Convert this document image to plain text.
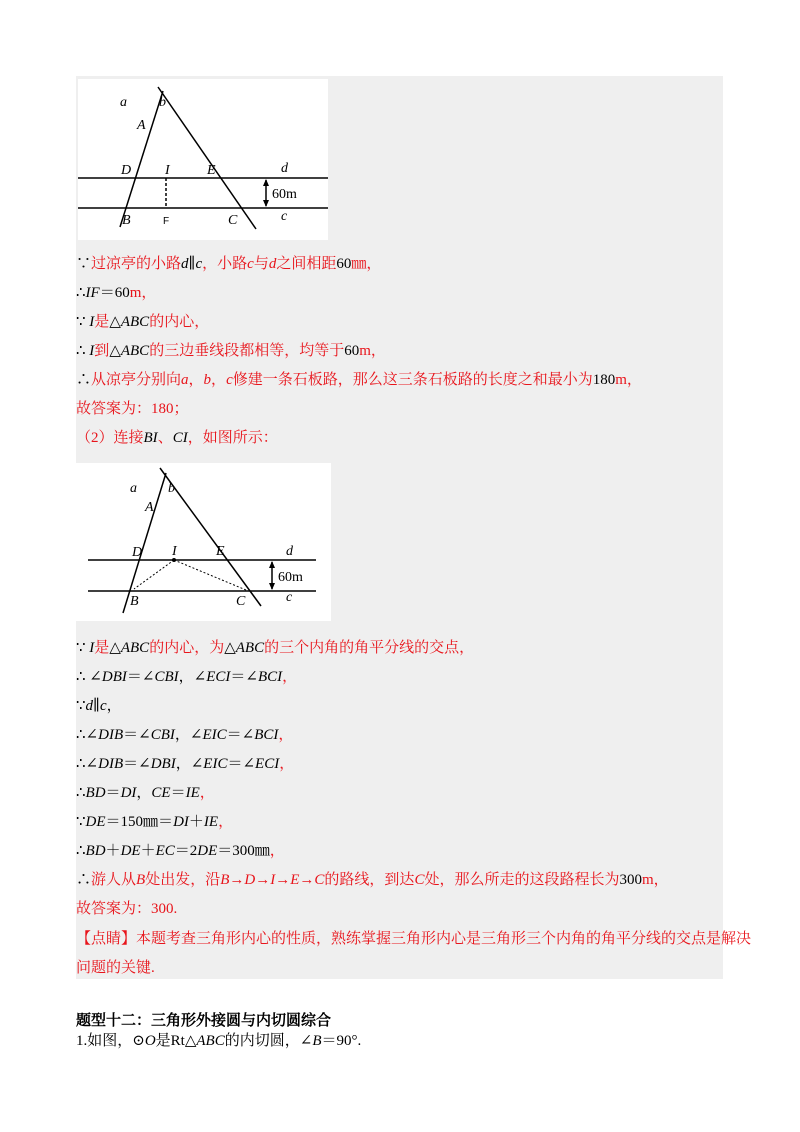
a b
A
D I	E	d
B	C	c
F
60m
∵过凉亭的小路d∥c，小路c与d之间相距60㎜，
∴IF＝60m，
∵ I是△ABC的内心，
∴ I到△ABC的三边垂线段都相等，均等于60m，
∴从凉亭分别向a，b，c修建一条石板路，那么这三条石板路的长度之和最小为180m，
故答案为：180；
（2）连接BI、CI，如图所示：
a b
A
D I	E	d
B	C	c
60m
∵ I是△ABC的内心，为△ABC的三个内角的角平分线的交点，
∴ ∠DBI＝∠CBI，∠ECI＝∠BCI，
∵d∥c，
∴∠DIB＝∠CBI，∠EIC＝∠BCI，
∴∠DIB＝∠DBI，∠EIC＝∠ECI，
∴BD＝DI，CE＝IE，
∵DE＝150㎜＝DI＋IE，
∴BD＋DE＋EC＝2DE＝300㎜，
∴游人从B处出发，沿B→D→I→E→C的路线，到达C处，那么所走的这段路程长为300m，
故答案为：300.
【点睛】本题考查三角形内心的性质，熟练掌握三角形内心是三角形三个内角的角平分线的交点是解决
问题的关键.
题型十二：三角形外接圆与内切圆综合
1.如图，⊙O是Rt△ABC的内切圆，∠B＝90°.
